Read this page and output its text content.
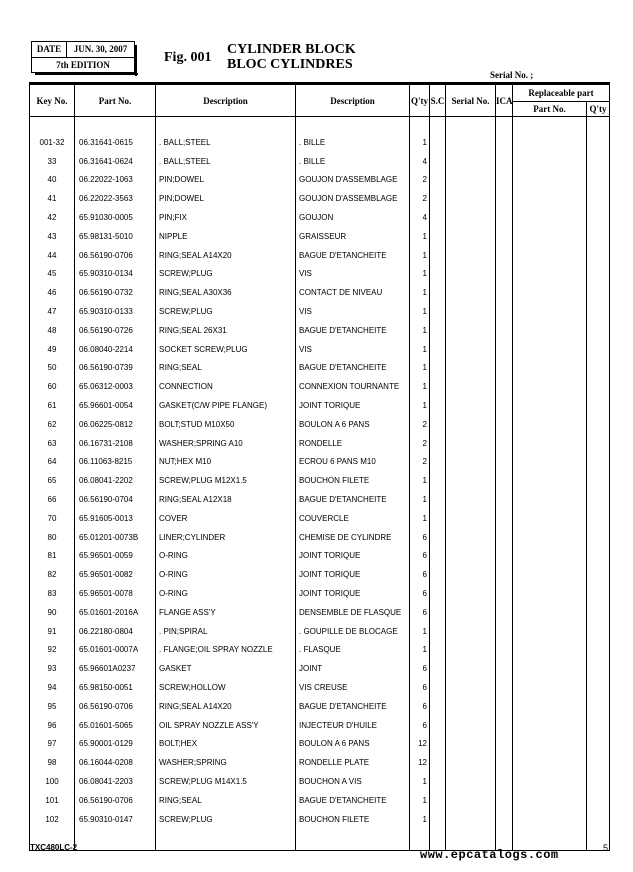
DATE	JUN. 30, 2007
7th EDITION	Fig. 001
CYLINDER BLOCK
BLOC CYLINDRES
Serial No. ;
Key No.	Part No.	Description	Description	Q'ty	S.C	Serial No.	ICA	Replaceable part	
								Part No.	Q'ty

001-32	06.31641-0615	. BALL;STEEL	. BILLE	1					
33	06.31641-0624	. BALL;STEEL	. BILLE	4					
40	06.22022-1063	PIN;DOWEL	GOUJON D'ASSEMBLAGE	2					
41	06.22022-3563	PIN;DOWEL	GOUJON D'ASSEMBLAGE	2					
42	65.91030-0005	PIN;FIX	GOUJON	4					
43	65.98131-5010	NIPPLE	GRAISSEUR	1					
44	06.56190-0706	RING;SEAL A14X20	BAGUE D'ETANCHEITE	1					
45	65.90310-0134	SCREW;PLUG	VIS	1					
46	06.56190-0732	RING;SEAL A30X36	CONTACT DE NIVEAU	1					
47	65.90310-0133	SCREW;PLUG	VIS	1					
48	06.56190-0726	RING;SEAL 26X31	BAGUE D'ETANCHEITE	1					
49	06.08040-2214	SOCKET SCREW;PLUG	VIS	1					
50	06.56190-0739	RING;SEAL	BAGUE D'ETANCHEITE	1					
60	65.06312-0003	CONNECTION	CONNEXION TOURNANTE	1					
61	65.96601-0054	GASKET(C/W PIPE FLANGE)	JOINT TORIQUE	1					
62	06.06225-0812	BOLT;STUD M10X50	BOULON A 6 PANS	2					
63	06.16731-2108	WASHER;SPRING A10	RONDELLE	2					
64	06.11063-8215	NUT;HEX M10	ECROU 6 PANS M10	2					
65	06.08041-2202	SCREW;PLUG M12X1.5	BOUCHON FILETE	1					
66	06.56190-0704	RING;SEAL A12X18	BAGUE D'ETANCHEITE	1					
70	65.91605-0013	COVER	COUVERCLE	1					
80	65.01201-0073B	LINER;CYLINDER	CHEMISE DE CYLINDRE	6					
81	65.96501-0059	O-RING	JOINT TORIQUE	6					
82	65.96501-0082	O-RING	JOINT TORIQUE	6					
83	65.96501-0078	O-RING	JOINT TORIQUE	6					
90	65.01601-2016A	FLANGE ASS'Y	DENSEMBLE DE FLASQUE	6					
91	06.22180-0804	. PIN;SPIRAL	. GOUPILLE DE BLOCAGE	1					
92	65.01601-0007A	. FLANGE;OIL SPRAY NOZZLE	. FLASQUE	1					
93	65.96601A0237	GASKET	JOINT	6					
94	65.98150-0051	SCREW;HOLLOW	VIS CREUSE	6					
95	06.56190-0706	RING;SEAL A14X20	BAGUE D'ETANCHEITE	6					
96	65.01601-5065	OIL SPRAY NOZZLE ASS'Y	INJECTEUR D'HUILE	6					
97	65.90001-0129	BOLT;HEX	BOULON A 6 PANS	12					
98	06.16044-0208	WASHER;SPRING	RONDELLE PLATE	12					
100	06.08041-2203	SCREW;PLUG M14X1.5	BOUCHON A VIS	1					
101	06.56190-0706	RING;SEAL	BAGUE D'ETANCHEITE	1					
102	65.90310-0147	SCREW;PLUG	BOUCHON FILETE	1					

TXC480LC-2
www.epcatalogs.com	5
